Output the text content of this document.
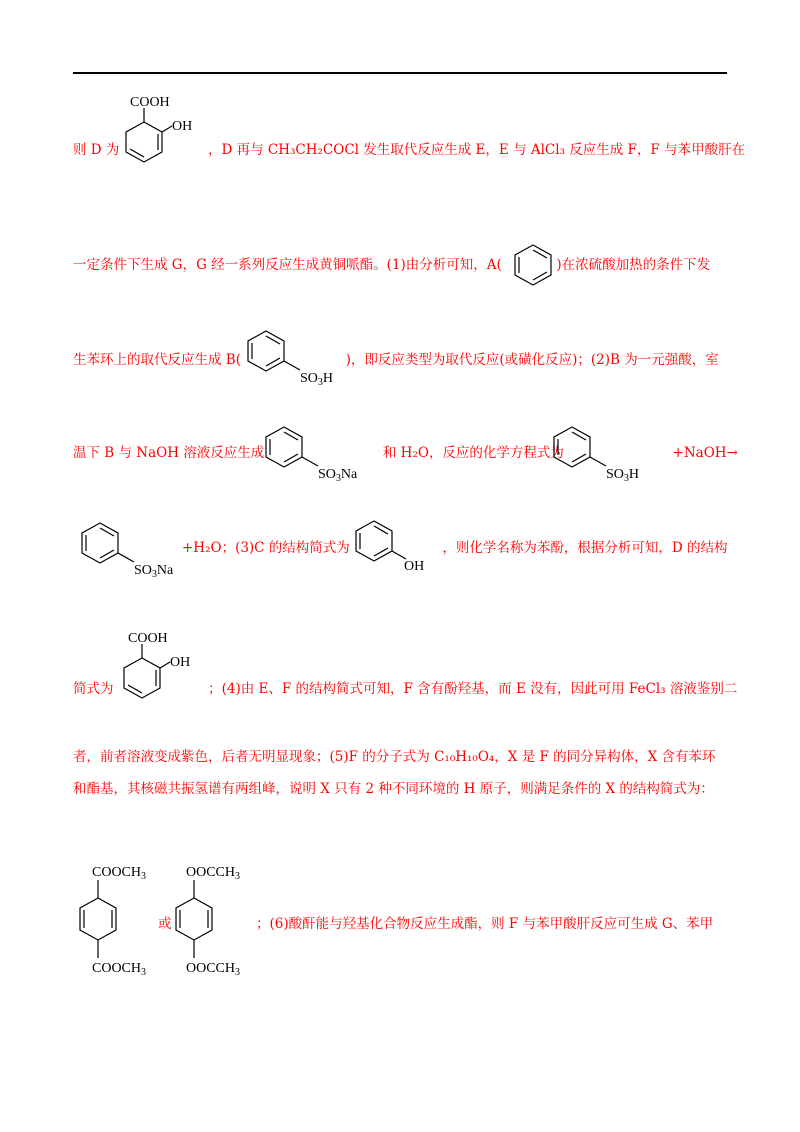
则 D 为	，D 再与 CH₃CH₂COCl 发生取代反应生成 E，E 与 AlCl₃ 反应生成 F，F 与苯甲酸肝在
COOH
OH
一定条件下生成 G，G 经一系列反应生成黄铜哌酯。(1)由分析可知，A(	)在浓硫酸加热的条件下发
生苯环上的取代反应生成 B(	)，即反应类型为取代反应(或磺化反应)；(2)B 为一元强酸，室
$SO_3H$
温下 B 与 NaOH 溶液反应生成	和 H₂O，反应的化学方程式为	+NaOH→
$SO_3Na$	$SO_3H$
$SO_3Na$
+H₂O；(3)C 的结构简式为	，则化学名称为苯酚，根据分析可知，D 的结构
OH
简式为	；(4)由 E、F 的结构简式可知，F 含有酚羟基，而 E 没有，因此可用 FeCl₃ 溶液鉴别二
COOH
OH
者，前者溶液变成紫色，后者无明显现象；(5)F 的分子式为 C₁₀H₁₀O₄，X 是 F 的同分异构体，X 含有苯环
和酯基，其核磁共振氢谱有两组峰，说明 X 只有 2 种不同环境的 H 原子，则满足条件的 X 的结构简式为：
$COOCH_3$
$COOCH_3$
或
$OOCCH_3$
$OOCCH_3$
；(6)酸酐能与羟基化合物反应生成酯，则 F 与苯甲酸肝反应可生成 G、苯甲
